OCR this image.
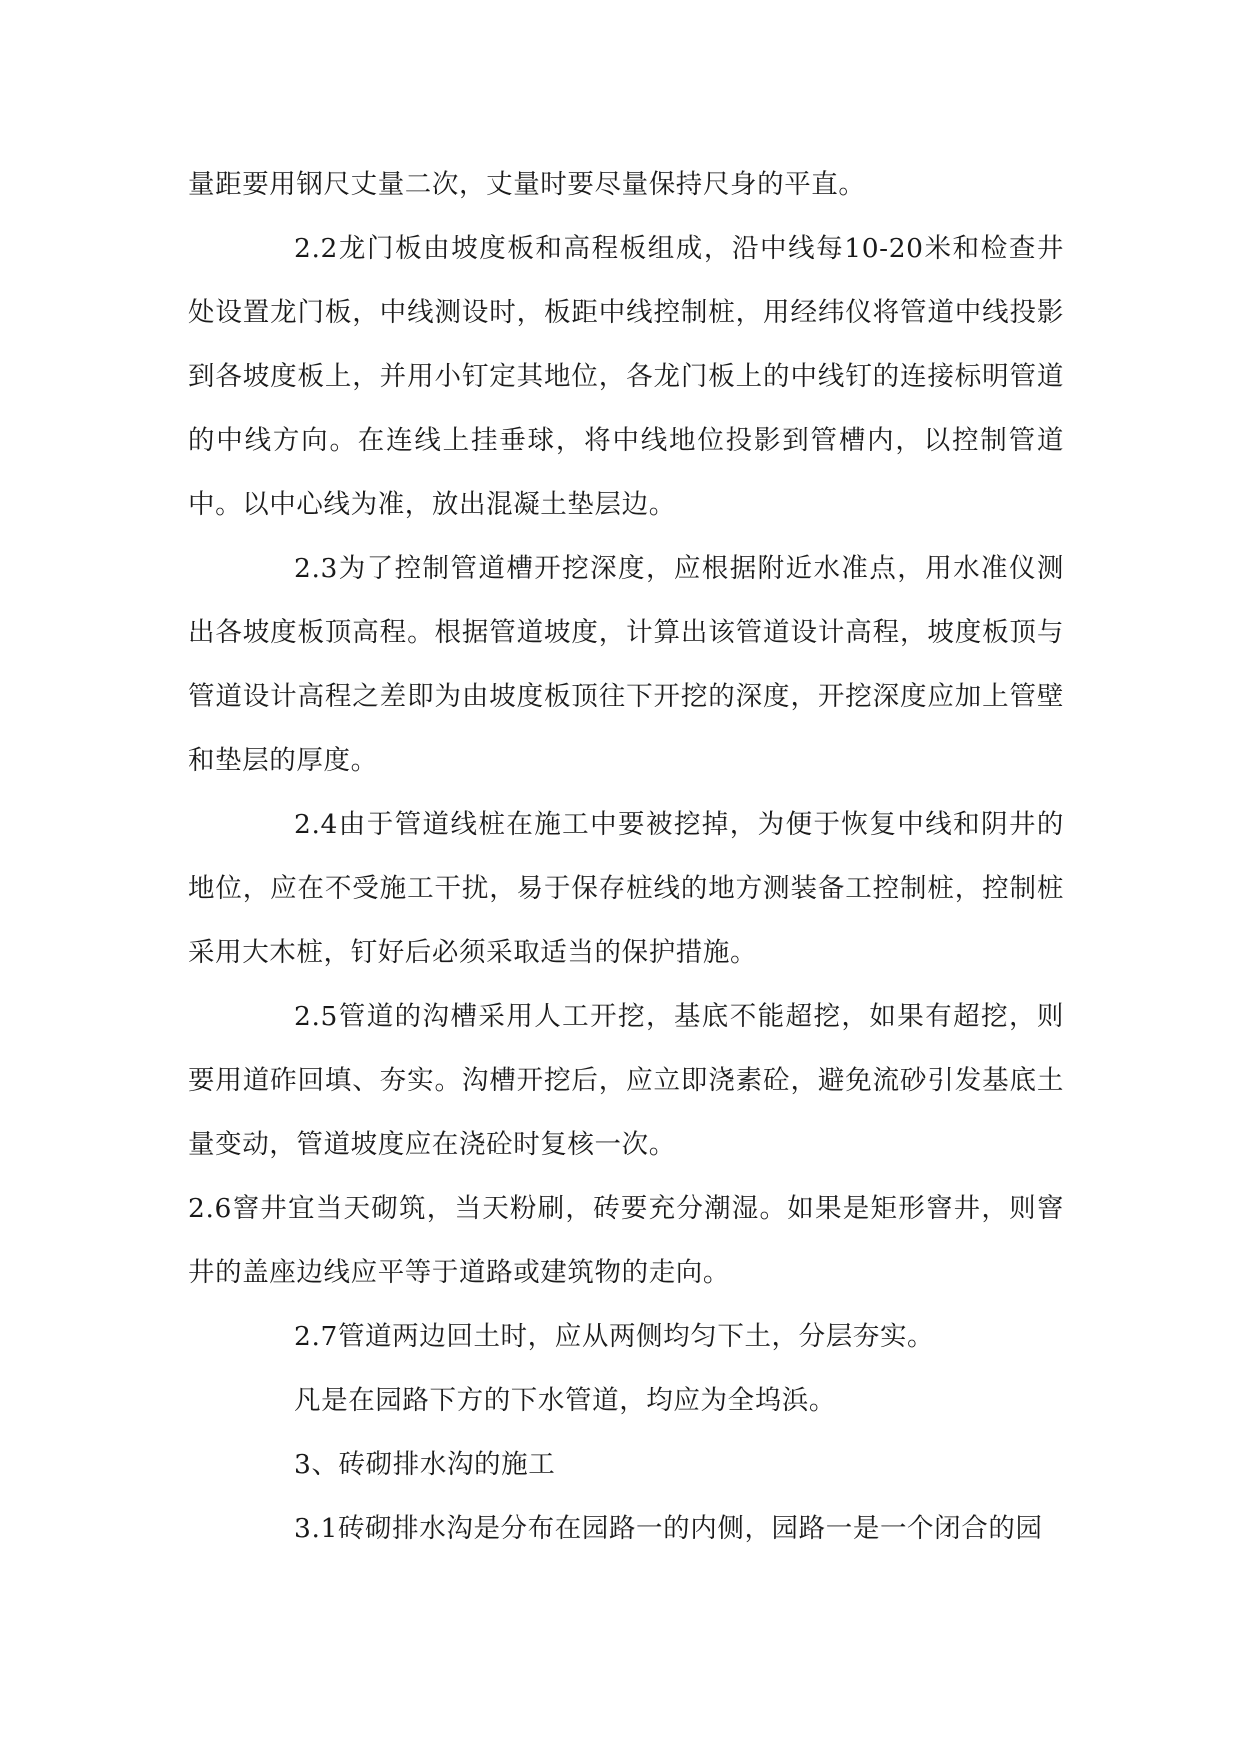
量距要用钢尺丈量二次，丈量时要尽量保持尺身的平直。

2.2龙门板由坡度板和高程板组成，沿中线每10-20米和检查井处设置龙门板，中线测设时，板距中线控制桩，用经纬仪将管道中线投影到各坡度板上，并用小钉定其地位，各龙门板上的中线钉的连接标明管道的中线方向。在连线上挂垂球，将中线地位投影到管槽内，以控制管道中。以中心线为准，放出混凝土垫层边。

2.3为了控制管道槽开挖深度，应根据附近水准点，用水准仪测出各坡度板顶高程。根据管道坡度，计算出该管道设计高程，坡度板顶与管道设计高程之差即为由坡度板顶往下开挖的深度，开挖深度应加上管壁和垫层的厚度。

2.4由于管道线桩在施工中要被挖掉，为便于恢复中线和阴井的地位，应在不受施工干扰，易于保存桩线的地方测装备工控制桩，控制桩采用大木桩，钉好后必须采取适当的保护措施。

2.5管道的沟槽采用人工开挖，基底不能超挖，如果有超挖，则要用道砟回填、夯实。沟槽开挖后，应立即浇素砼，避免流砂引发基底土量变动，管道坡度应在浇砼时复核一次。

2.6窨井宜当天砌筑，当天粉刷，砖要充分潮湿。如果是矩形窨井，则窨井的盖座边线应平等于道路或建筑物的走向。

2.7管道两边回土时，应从两侧均匀下土，分层夯实。

凡是在园路下方的下水管道，均应为全坞浜。

3、砖砌排水沟的施工

3.1砖砌排水沟是分布在园路一的内侧，园路一是一个闭合的园
